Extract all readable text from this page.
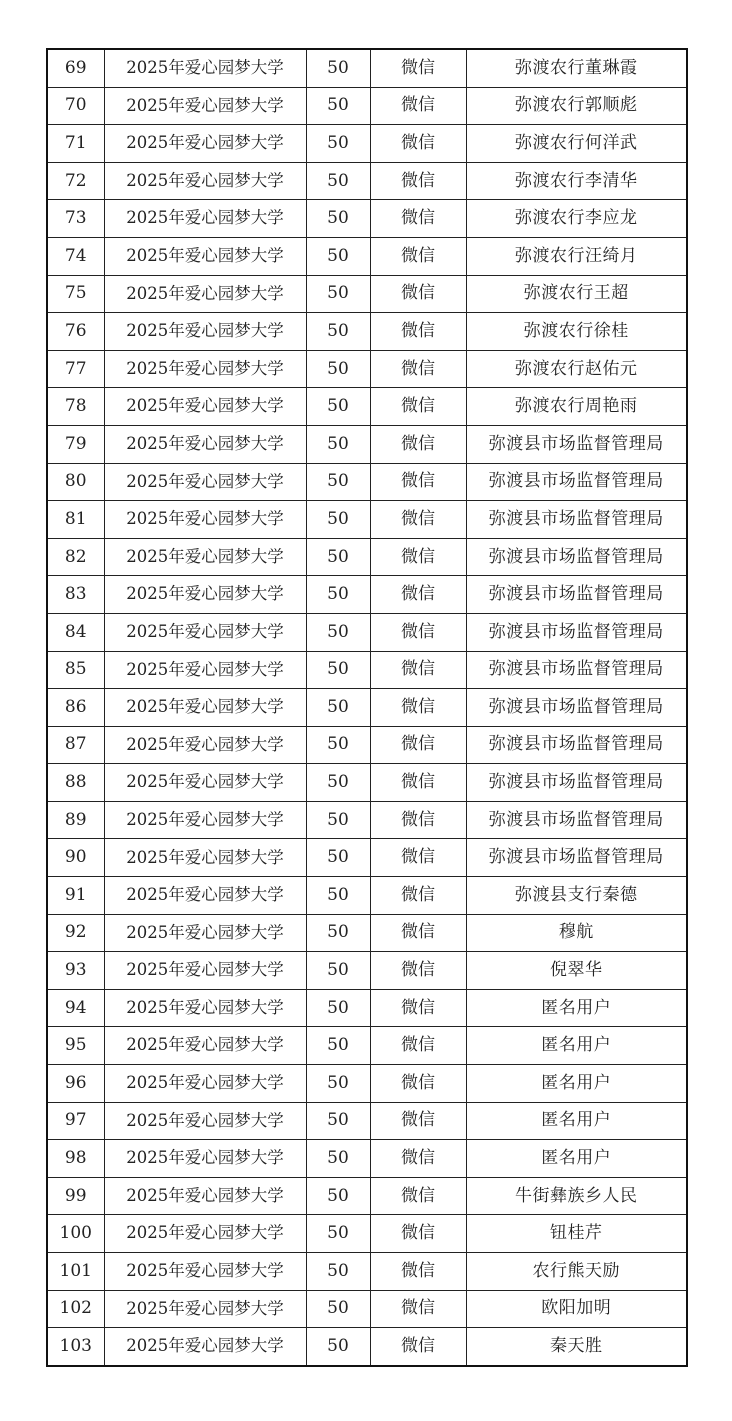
69	2025年爱心园梦大学	50	微信	弥渡农行董琳霞
70	2025年爱心园梦大学	50	微信	弥渡农行郭顺彪
71	2025年爱心园梦大学	50	微信	弥渡农行何洋武
72	2025年爱心园梦大学	50	微信	弥渡农行李清华
73	2025年爱心园梦大学	50	微信	弥渡农行李应龙
74	2025年爱心园梦大学	50	微信	弥渡农行汪绮月
75	2025年爱心园梦大学	50	微信	弥渡农行王超
76	2025年爱心园梦大学	50	微信	弥渡农行徐桂
77	2025年爱心园梦大学	50	微信	弥渡农行赵佑元
78	2025年爱心园梦大学	50	微信	弥渡农行周艳雨
79	2025年爱心园梦大学	50	微信	弥渡县市场监督管理局
80	2025年爱心园梦大学	50	微信	弥渡县市场监督管理局
81	2025年爱心园梦大学	50	微信	弥渡县市场监督管理局
82	2025年爱心园梦大学	50	微信	弥渡县市场监督管理局
83	2025年爱心园梦大学	50	微信	弥渡县市场监督管理局
84	2025年爱心园梦大学	50	微信	弥渡县市场监督管理局
85	2025年爱心园梦大学	50	微信	弥渡县市场监督管理局
86	2025年爱心园梦大学	50	微信	弥渡县市场监督管理局
87	2025年爱心园梦大学	50	微信	弥渡县市场监督管理局
88	2025年爱心园梦大学	50	微信	弥渡县市场监督管理局
89	2025年爱心园梦大学	50	微信	弥渡县市场监督管理局
90	2025年爱心园梦大学	50	微信	弥渡县市场监督管理局
91	2025年爱心园梦大学	50	微信	弥渡县支行秦德
92	2025年爱心园梦大学	50	微信	穆航
93	2025年爱心园梦大学	50	微信	倪翠华
94	2025年爱心园梦大学	50	微信	匿名用户
95	2025年爱心园梦大学	50	微信	匿名用户
96	2025年爱心园梦大学	50	微信	匿名用户
97	2025年爱心园梦大学	50	微信	匿名用户
98	2025年爱心园梦大学	50	微信	匿名用户
99	2025年爱心园梦大学	50	微信	牛街彝族乡人民
100	2025年爱心园梦大学	50	微信	钮桂芹
101	2025年爱心园梦大学	50	微信	农行熊天励
102	2025年爱心园梦大学	50	微信	欧阳加明
103	2025年爱心园梦大学	50	微信	秦天胜
